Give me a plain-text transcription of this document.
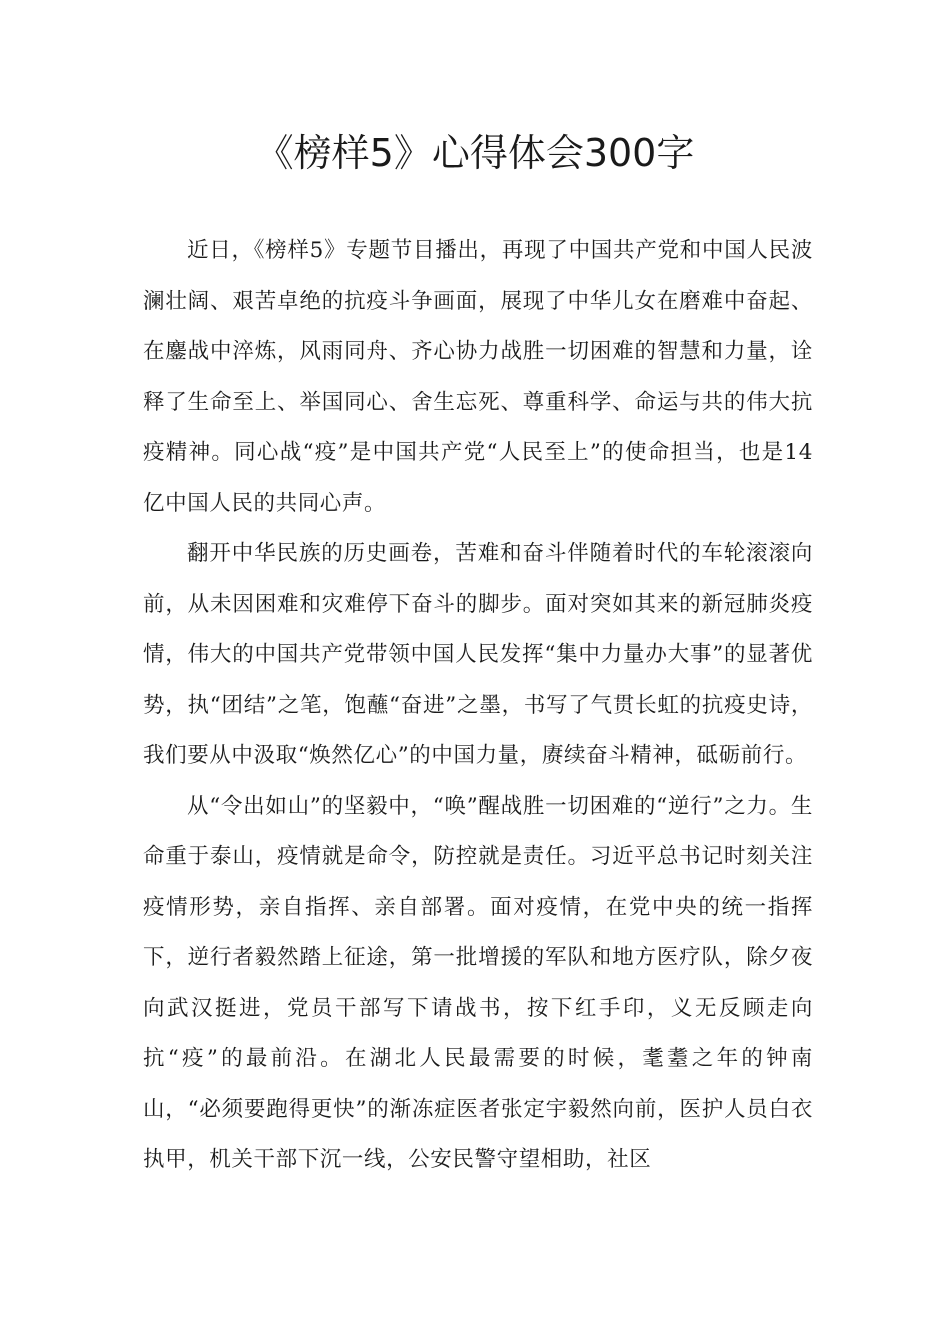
《榜样5》心得体会300字

近日，《榜样5》专题节目播出，再现了中国共产党和中国人民波澜壮阔、艰苦卓绝的抗疫斗争画面，展现了中华儿女在磨难中奋起、在鏖战中淬炼，风雨同舟、齐心协力战胜一切困难的智慧和力量，诠释了生命至上、举国同心、舍生忘死、尊重科学、命运与共的伟大抗疫精神。同心战“疫”是中国共产党“人民至上”的使命担当，也是14亿中国人民的共同心声。

翻开中华民族的历史画卷，苦难和奋斗伴随着时代的车轮滚滚向前，从未因困难和灾难停下奋斗的脚步。面对突如其来的新冠肺炎疫情，伟大的中国共产党带领中国人民发挥“集中力量办大事”的显著优势，执“团结”之笔，饱蘸“奋进”之墨，书写了气贯长虹的抗疫史诗，我们要从中汲取“焕然亿心”的中国力量，赓续奋斗精神，砥砺前行。

从“令出如山”的坚毅中，“唤”醒战胜一切困难的“逆行”之力。生命重于泰山，疫情就是命令，防控就是责任。习近平总书记时刻关注疫情形势，亲自指挥、亲自部署。面对疫情，在党中央的统一指挥下，逆行者毅然踏上征途，第一批增援的军队和地方医疗队，除夕夜向武汉挺进，党员干部写下请战书，按下红手印，义无反顾走向抗“疫”的最前沿。在湖北人民最需要的时候，耄耋之年的钟南山，“必须要跑得更快”的渐冻症医者张定宇毅然向前，医护人员白衣执甲，机关干部下沉一线，公安民警守望相助，社区
